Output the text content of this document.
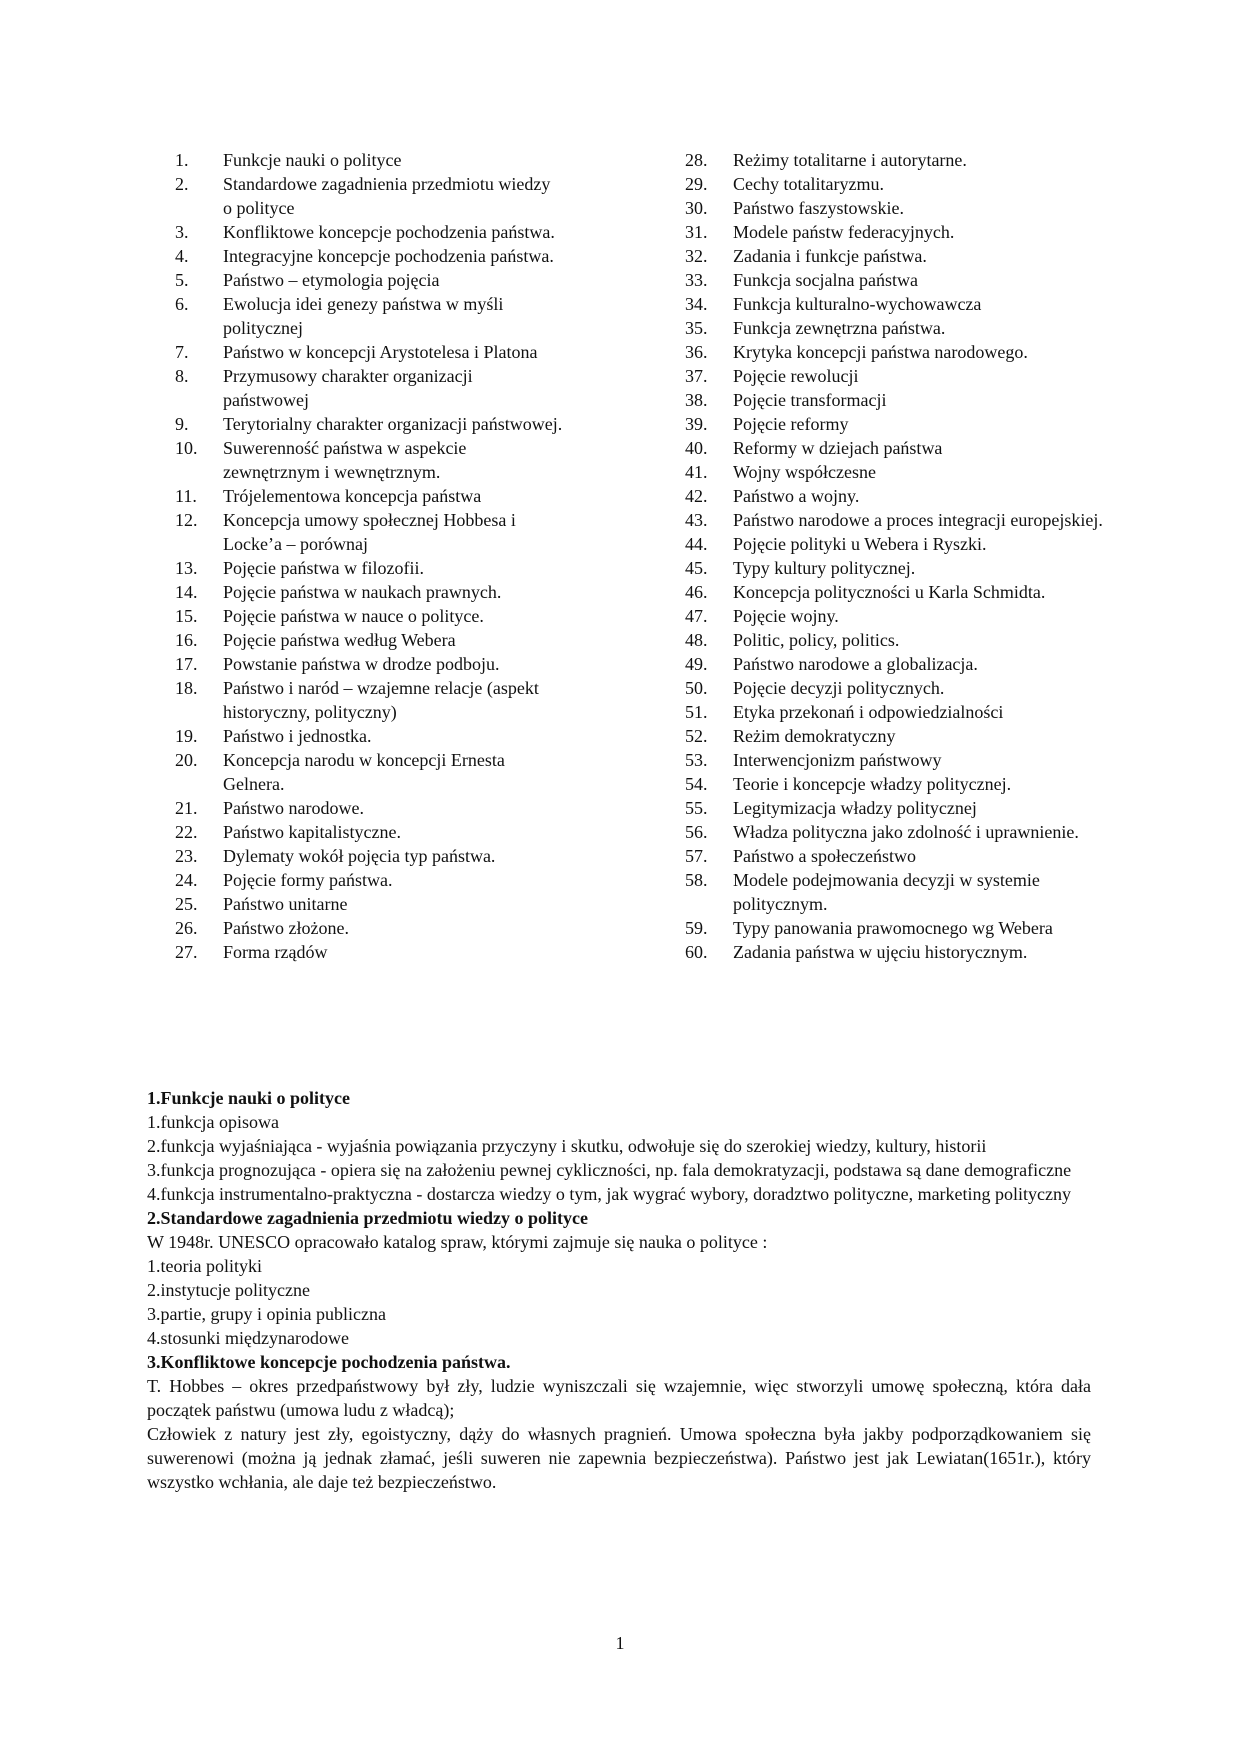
1.	Funkcje nauki o polityce
2.	Standardowe zagadnienia przedmiotu wiedzy o polityce
3.	Konfliktowe koncepcje pochodzenia państwa.
4.	Integracyjne koncepcje pochodzenia państwa.
5.	Państwo – etymologia pojęcia
6.	Ewolucja idei genezy państwa w myśli politycznej
7.	Państwo w koncepcji Arystotelesa i Platona
8.	Przymusowy charakter organizacji państwowej
9.	Terytorialny charakter organizacji państwowej.
10.	Suwerenność państwa w aspekcie zewnętrznym i wewnętrznym.
11.	Trójelementowa koncepcja państwa
12.	Koncepcja umowy społecznej Hobbesa i Locke’a – porównaj
13.	Pojęcie państwa w filozofii.
14.	Pojęcie państwa w naukach prawnych.
15.	Pojęcie państwa w nauce o polityce.
16.	Pojęcie państwa według Webera
17.	Powstanie państwa w drodze podboju.
18.	Państwo i naród – wzajemne relacje (aspekt historyczny, polityczny)
19.	Państwo i jednostka.
20.	Koncepcja narodu w koncepcji Ernesta Gelnera.
21.	Państwo narodowe.
22.	Państwo kapitalistyczne.
23.	Dylematy wokół pojęcia typ państwa.
24.	Pojęcie formy państwa.
25.	Państwo unitarne
26.	Państwo złożone.
27.	Forma rządów
28.	Reżimy totalitarne i autorytarne.
29.	Cechy totalitaryzmu.
30.	Państwo faszystowskie.
31.	Modele państw federacyjnych.
32.	Zadania i funkcje państwa.
33.	Funkcja socjalna państwa
34.	Funkcja kulturalno-wychowawcza
35.	Funkcja zewnętrzna państwa.
36.	Krytyka koncepcji państwa narodowego.
37.	Pojęcie rewolucji
38.	Pojęcie transformacji
39.	Pojęcie reformy
40.	Reformy w dziejach państwa
41.	Wojny współczesne
42.	Państwo a wojny.
43.	Państwo narodowe a proces integracji europejskiej.
44.	Pojęcie polityki u Webera i Ryszki.
45.	Typy kultury politycznej.
46.	Koncepcja polityczności u Karla Schmidta.
47.	Pojęcie wojny.
48.	Politic, policy, politics.
49.	Państwo narodowe a globalizacja.
50.	Pojęcie decyzji politycznych.
51.	Etyka przekonań i odpowiedzialności
52.	Reżim demokratyczny
53.	Interwencjonizm państwowy
54.	Teorie i koncepcje władzy politycznej.
55.	Legitymizacja władzy politycznej
56.	Władza polityczna jako zdolność i uprawnienie.
57.	Państwo a społeczeństwo
58.	Modele podejmowania decyzji w systemie politycznym.
59.	Typy panowania prawomocnego wg Webera
60.	Zadania państwa w ujęciu historycznym.
1.Funkcje nauki o polityce

1.funkcja opisowa

2.funkcja wyjaśniająca - wyjaśnia powiązania przyczyny i skutku, odwołuje się do szerokiej wiedzy, kultury, historii

3.funkcja prognozująca - opiera się na założeniu pewnej cykliczności, np. fala demokratyzacji, podstawa są dane demograficzne

4.funkcja instrumentalno-praktyczna - dostarcza wiedzy o tym, jak wygrać wybory, doradztwo polityczne, marketing polityczny

2.Standardowe zagadnienia przedmiotu wiedzy o polityce

W 1948r. UNESCO opracowało katalog spraw, którymi zajmuje się nauka o polityce :

1.teoria polityki

2.instytucje polityczne

3.partie, grupy i opinia publiczna

4.stosunki międzynarodowe

3.Konfliktowe koncepcje pochodzenia państwa.

T. Hobbes – okres przedpaństwowy był zły, ludzie wyniszczali się wzajemnie, więc stworzyli umowę społeczną, która dała początek państwu (umowa ludu z władcą);

Człowiek z natury jest zły, egoistyczny, dąży do własnych pragnień. Umowa społeczna była jakby podporządkowaniem się suwerenowi (można ją jednak złamać, jeśli suweren nie zapewnia bezpieczeństwa). Państwo jest jak Lewiatan(1651r.), który wszystko wchłania, ale daje też bezpieczeństwo.

1
